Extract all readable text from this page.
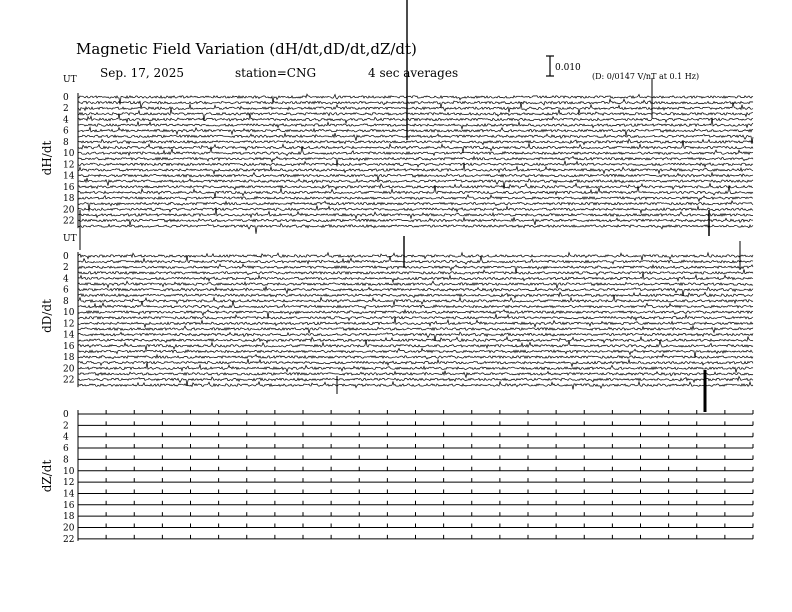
Magnetic Field Variation (dH/dt,dD/dt,dZ/dt)
Sep. 17, 2025	station=CNG	4 sec averages	0.010
(D: 0/0147 V/nT at 0.1 Hz)
dH/dt
UT
0
2
4
6
8
10
12
14
16
18
20
22
dD/dt
UT
0
2
4
6
8
10
12
14
16
18
20
22
dZ/dt
0
2
4
6
8
10
12
14
16
18
20
22
